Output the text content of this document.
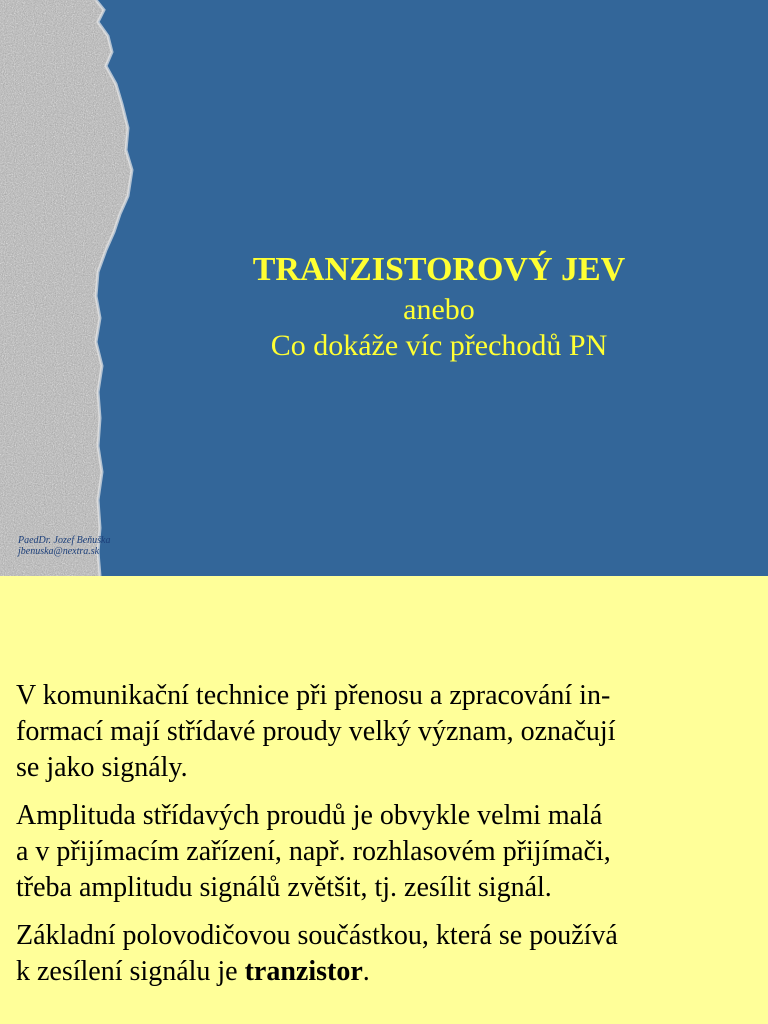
TRANZISTOROVÝ JEV

anebo

Co dokáže víc přechodů PN

PaedDr. Jozef Beňuška
jbenuska@nextra.sk

V komunikační technice při přenosu a zpracování in-
formací mají střídavé proudy velký význam, označují
se jako signály.

Amplituda střídavých proudů je obvykle velmi malá
a v přijímacím zařízení, např. rozhlasovém přijímači,
třeba amplitudu signálů zvětšit, tj. zesílit signál.

Základní polovodičovou součástkou, která se používá
k zesílení signálu je tranzistor.
